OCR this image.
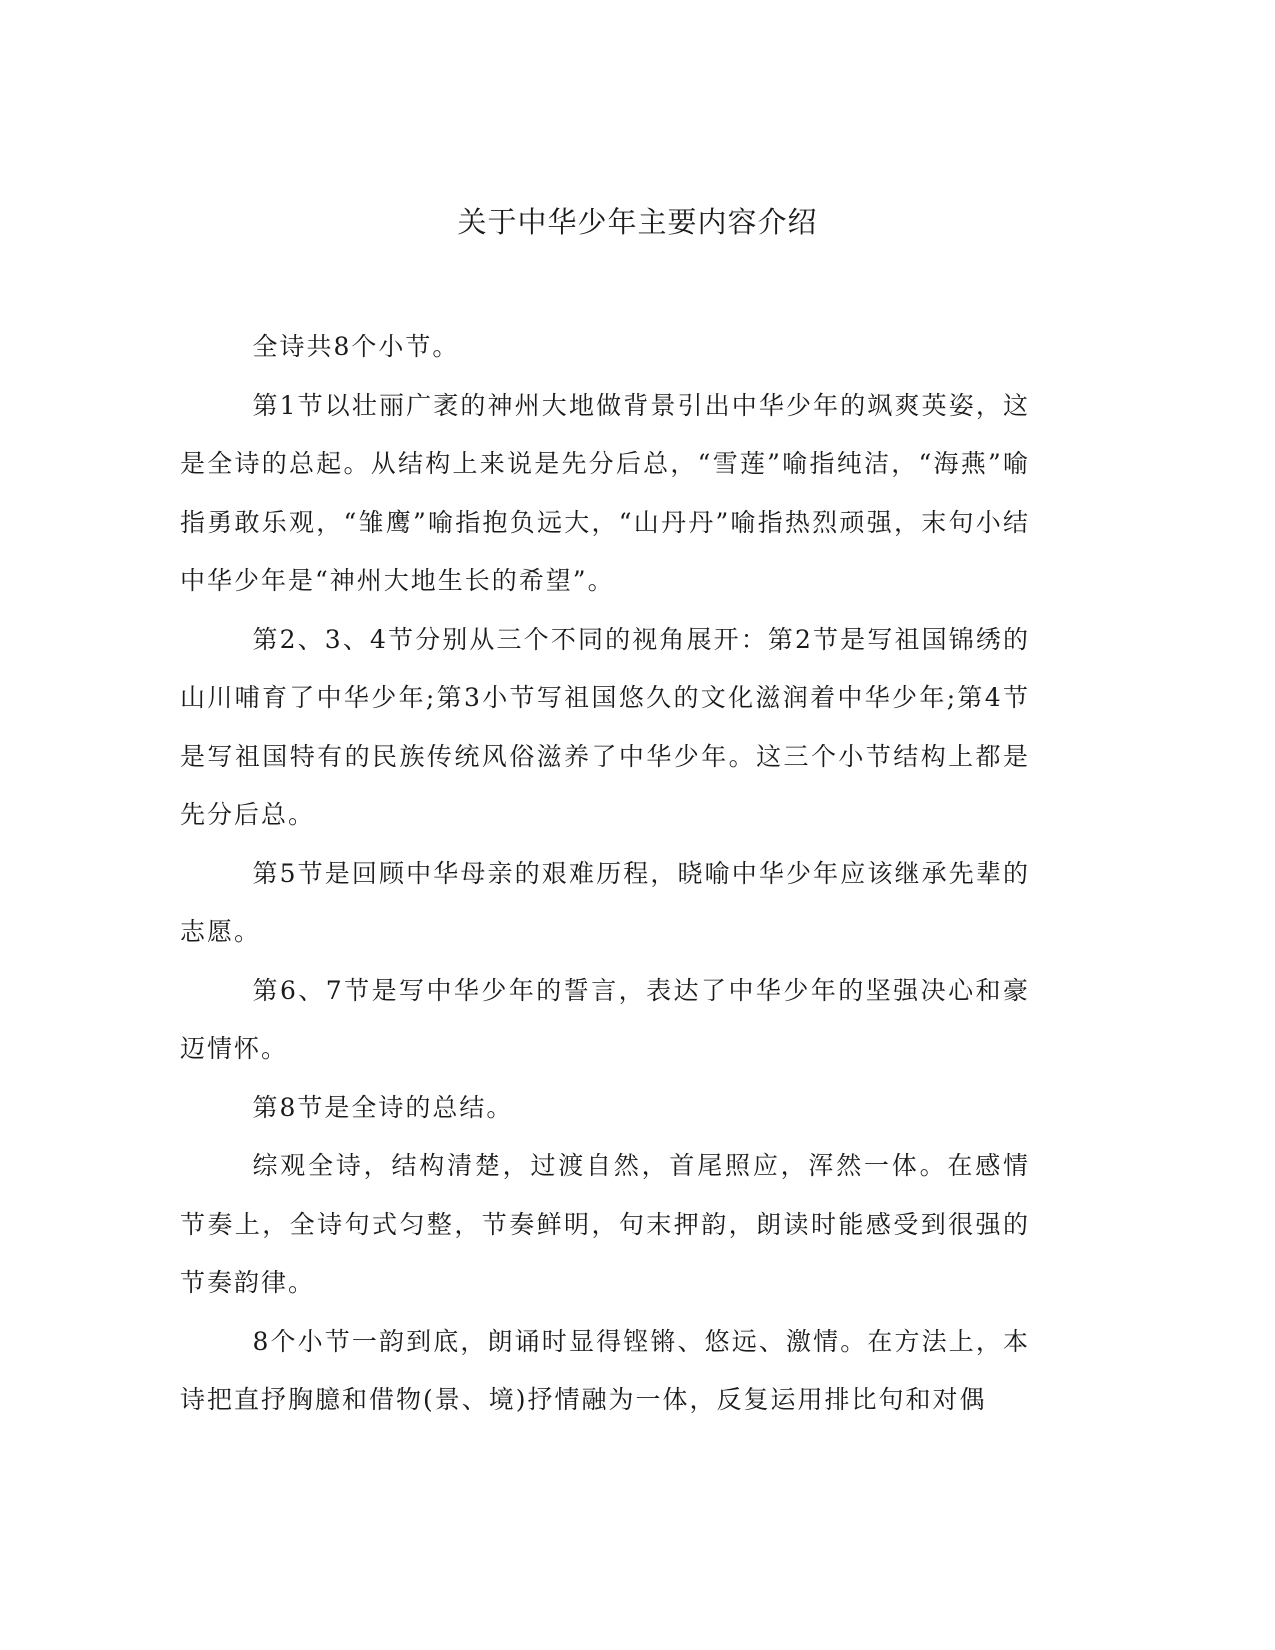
关于中华少年主要内容介绍

全诗共8个小节。

第1节以壮丽广袤的神州大地做背景引出中华少年的飒爽英姿，这是全诗的总起。从结构上来说是先分后总，“雪莲”喻指纯洁，“海燕”喻指勇敢乐观，“雏鹰”喻指抱负远大，“山丹丹”喻指热烈顽强，末句小结中华少年是“神州大地生长的希望”。

第2、3、4节分别从三个不同的视角展开：第2节是写祖国锦绣的山川哺育了中华少年;第3小节写祖国悠久的文化滋润着中华少年;第4节是写祖国特有的民族传统风俗滋养了中华少年。这三个小节结构上都是先分后总。

第5节是回顾中华母亲的艰难历程，晓喻中华少年应该继承先辈的志愿。

第6、7节是写中华少年的誓言，表达了中华少年的坚强决心和豪迈情怀。

第8节是全诗的总结。

综观全诗，结构清楚，过渡自然，首尾照应，浑然一体。在感情节奏上，全诗句式匀整，节奏鲜明，句末押韵，朗读时能感受到很强的节奏韵律。

8个小节一韵到底，朗诵时显得铿锵、悠远、激情。在方法上，本诗把直抒胸臆和借物(景、境)抒情融为一体，反复运用排比句和对偶
